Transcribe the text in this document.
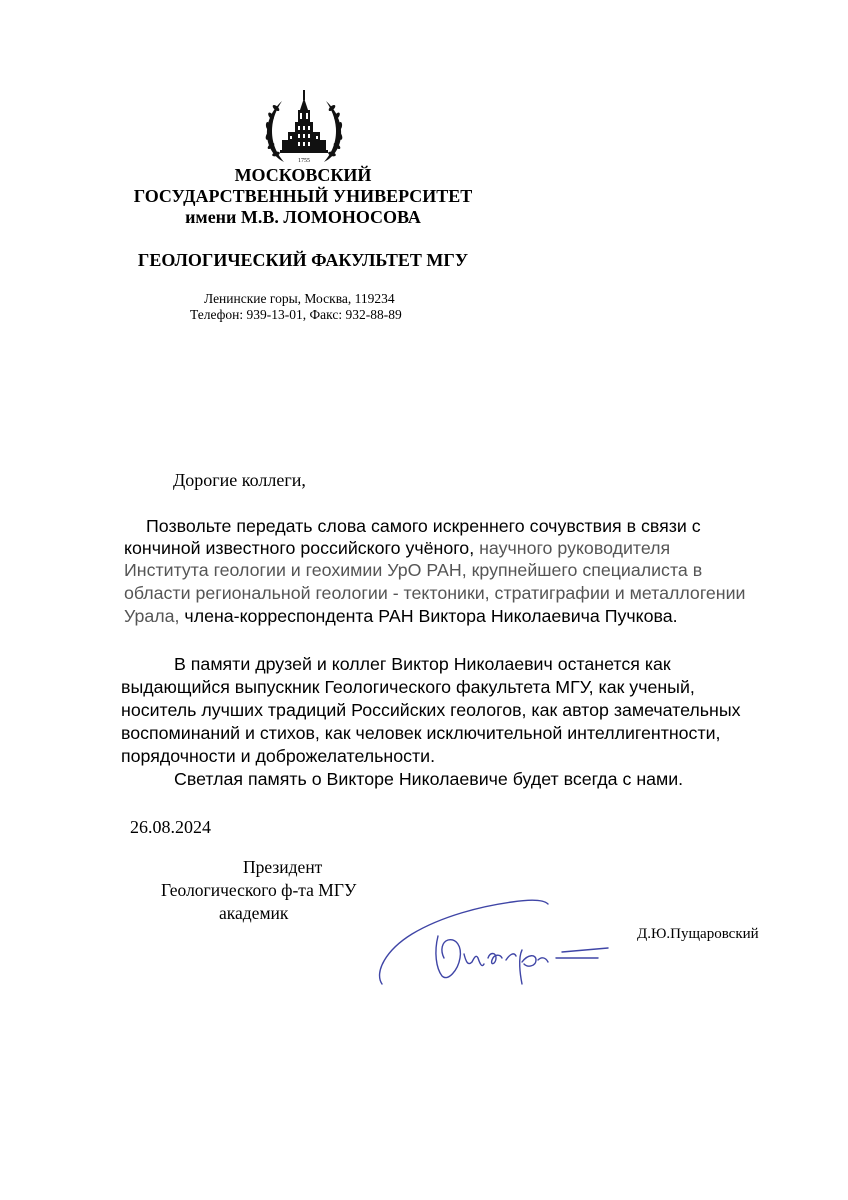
1755
МОСКОВСКИЙ
ГОСУДАРСТВЕННЫЙ УНИВЕРСИТЕТ
имени М.В. ЛОМОНОСОВА
ГЕОЛОГИЧЕСКИЙ ФАКУЛЬТЕТ МГУ
Ленинские горы, Москва, 119234
Телефон: 939-13-01, Факс: 932-88-89
Дорогие коллеги,
Позвольте передать слова самого искреннего сочувствия в связи с
кончиной известного российского учёного, научного руководителя
Института геологии и геохимии УрО РАН, крупнейшего специалиста в
области региональной геологии - тектоники, стратиграфии и металлогении
Урала, члена-корреспондента РАН Виктора Николаевича Пучкова.
В памяти друзей и коллег Виктор Николаевич останется как
выдающийся выпускник Геологического факультета МГУ, как ученый,
носитель лучших традиций Российских геологов, как автор замечательных
воспоминаний и стихов, как человек исключительной интеллигентности,
порядочности и доброжелательности.
Светлая память о Викторе Николаевиче будет всегда с нами.
26.08.2024
Президент
Геологического ф-та МГУ
академик
Д.Ю.Пущаровский
